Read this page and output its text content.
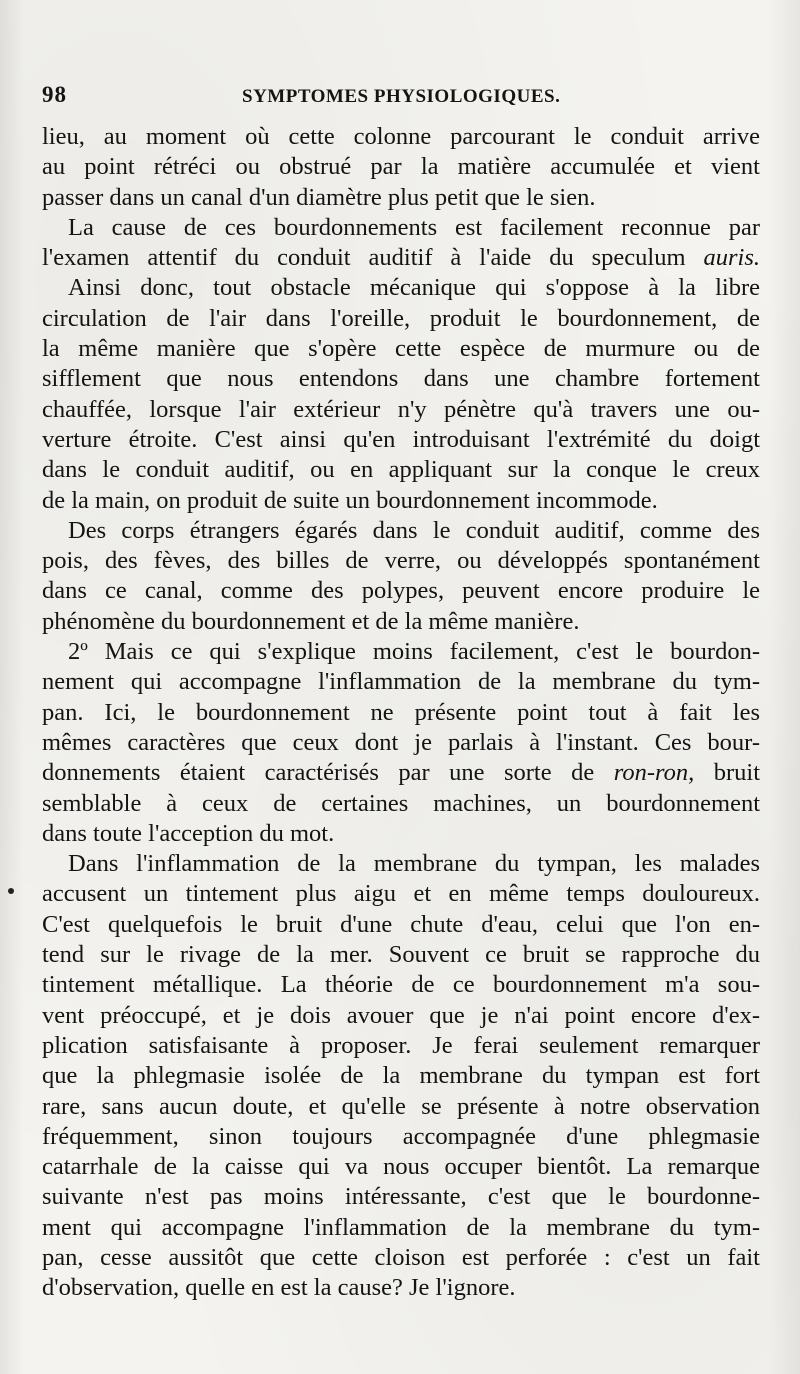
98	SYMPTOMES PHYSIOLOGIQUES.
lieu, au moment où cette colonne parcourant le conduit arrive
au point rétréci ou obstrué par la matière accumulée et vient
passer dans un canal d'un diamètre plus petit que le sien.
La cause de ces bourdonnements est facilement reconnue par
l'examen attentif du conduit auditif à l'aide du speculum auris.
Ainsi donc, tout obstacle mécanique qui s'oppose à la libre
circulation de l'air dans l'oreille, produit le bourdonnement, de
la même manière que s'opère cette espèce de murmure ou de
sifflement que nous entendons dans une chambre fortement
chauffée, lorsque l'air extérieur n'y pénètre qu'à travers une ou-
verture étroite. C'est ainsi qu'en introduisant l'extrémité du doigt
dans le conduit auditif, ou en appliquant sur la conque le creux
de la main, on produit de suite un bourdonnement incommode.
Des corps étrangers égarés dans le conduit auditif, comme des
pois, des fèves, des billes de verre, ou développés spontanément
dans ce canal, comme des polypes, peuvent encore produire le
phénomène du bourdonnement et de la même manière.
2º Mais ce qui s'explique moins facilement, c'est le bourdon-
nement qui accompagne l'inflammation de la membrane du tym-
pan. Ici, le bourdonnement ne présente point tout à fait les
mêmes caractères que ceux dont je parlais à l'instant. Ces bour-
donnements étaient caractérisés par une sorte de ron-ron, bruit
semblable à ceux de certaines machines, un bourdonnement
dans toute l'acception du mot.
Dans l'inflammation de la membrane du tympan, les malades
accusent un tintement plus aigu et en même temps douloureux.
C'est quelquefois le bruit d'une chute d'eau, celui que l'on en-
tend sur le rivage de la mer. Souvent ce bruit se rapproche du
tintement métallique. La théorie de ce bourdonnement m'a sou-
vent préoccupé, et je dois avouer que je n'ai point encore d'ex-
plication satisfaisante à proposer. Je ferai seulement remarquer
que la phlegmasie isolée de la membrane du tympan est fort
rare, sans aucun doute, et qu'elle se présente à notre observation
fréquemment, sinon toujours accompagnée d'une phlegmasie
catarrhale de la caisse qui va nous occuper bientôt. La remarque
suivante n'est pas moins intéressante, c'est que le bourdonne-
ment qui accompagne l'inflammation de la membrane du tym-
pan, cesse aussitôt que cette cloison est perforée : c'est un fait
d'observation, quelle en est la cause? Je l'ignore.
